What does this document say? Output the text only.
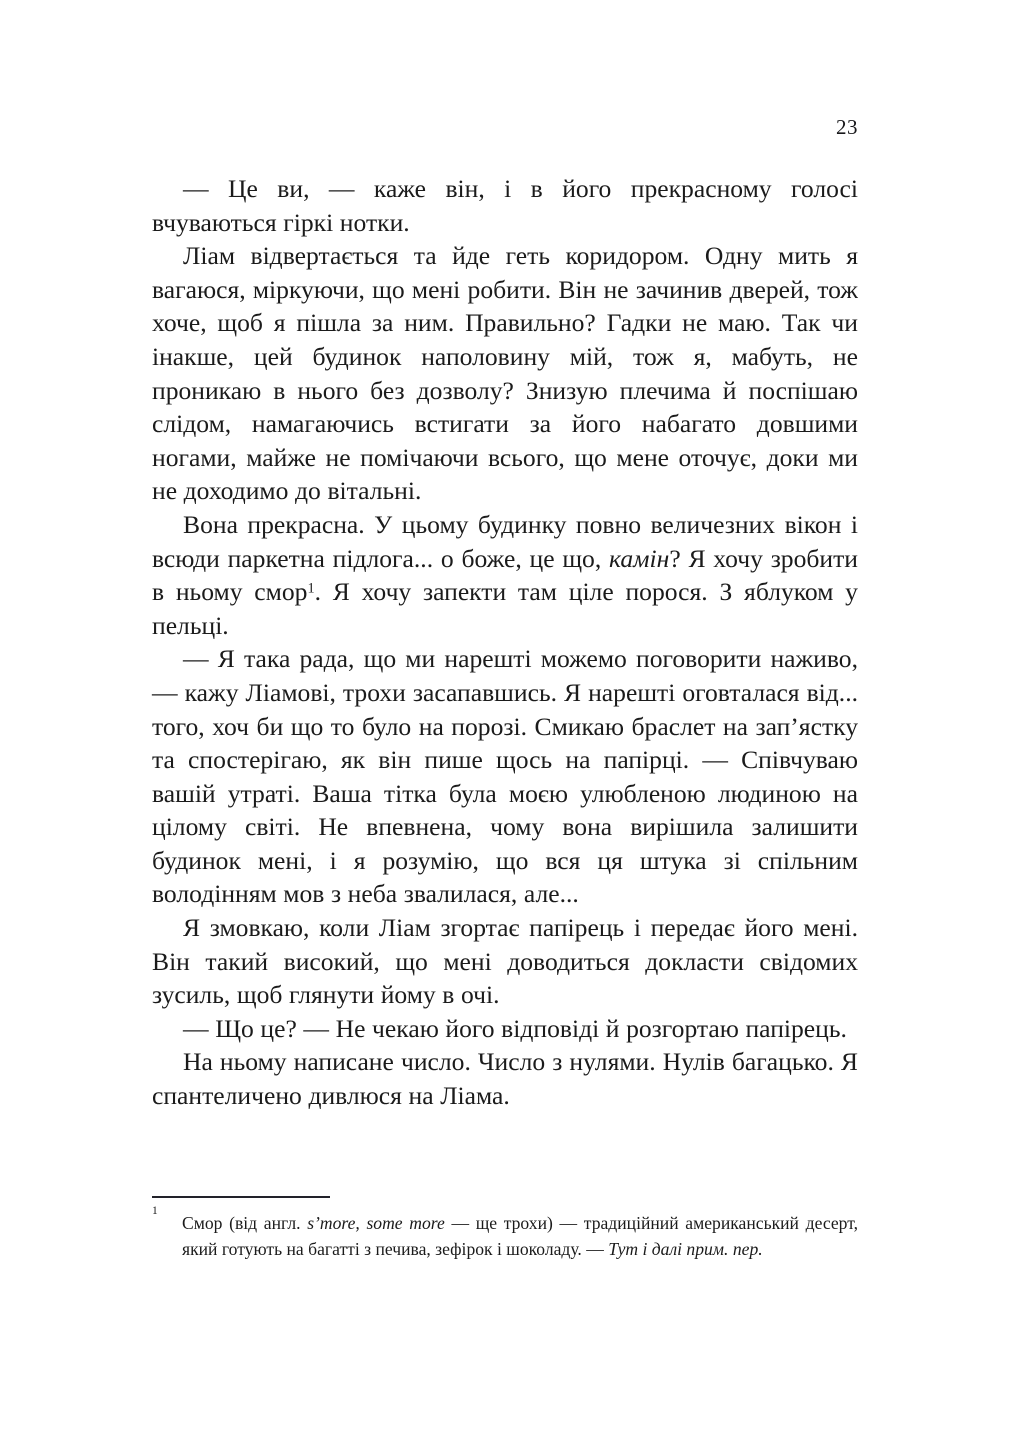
23

— Це ви, — каже він, і в його прекрасному голосі вчуваються гіркі нотки.

Ліам відвертається та йде геть коридором. Одну мить я вагаюся, міркуючи, що мені робити. Він не зачинив дверей, тож хоче, щоб я пішла за ним. Правильно? Гадки не маю. Так чи інакше, цей будинок наполовину мій, тож я, мабуть, не проникаю в нього без дозволу? Знизую плечима й поспішаю слідом, намагаючись встигати за його набагато довшими ногами, майже не помічаючи всього, що мене оточує, доки ми не доходимо до вітальні.

Вона прекрасна. У цьому будинку повно величезних вікон і всюди паркетна підлога... о боже, це що, камін? Я хочу зробити в ньому смор$^1$. Я хочу запекти там ціле порося. З яблуком у пельці.

— Я така рада, що ми нарешті можемо поговорити наживо, — кажу Ліамові, трохи засапавшись. Я нарешті оговталася від... того, хоч би що то було на порозі. Смикаю браслет на зап’ястку та спостерігаю, як він пише щось на папірці. — Співчуваю вашій утраті. Ваша тітка була моєю улюбленою людиною на цілому світі. Не впевнена, чому вона вирішила залишити будинок мені, і я розумію, що вся ця штука зі спільним володінням мов з неба звалилася, але...

Я змовкаю, коли Ліам згортає папірець і передає його мені. Він такий високий, що мені доводиться докласти свідомих зусиль, щоб глянути йому в очі.

— Що це? — Не чекаю його відповіді й розгортаю папірець.

На ньому написане число. Число з нулями. Нулів багацько. Я спантеличено дивлюся на Ліама.

1
Смор (від англ. s’more, some more — ще трохи) — традиційний американський десерт, який готують на багатті з печива, зефірок і шоколаду. — Тут і далі прим. пер.
